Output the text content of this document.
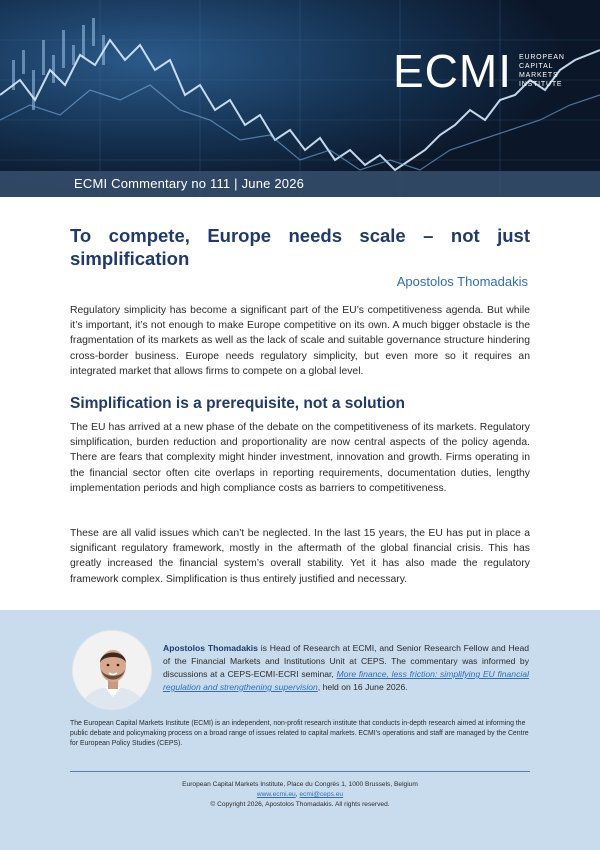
ECMI EUROPEAN
CAPITAL
MARKETS
INSTITUTE
ECMI Commentary no 111 | June 2026
To compete, Europe needs scale – not just simplification
Apostolos Thomadakis
Regulatory simplicity has become a significant part of the EU’s competitiveness agenda. But while it’s important, it’s not enough to make Europe competitive on its own. A much bigger obstacle is the fragmentation of its markets as well as the lack of scale and suitable governance structure hindering cross-border business. Europe needs regulatory simplicity, but even more so it requires an integrated market that allows firms to compete on a global level.
Simplification is a prerequisite, not a solution
The EU has arrived at a new phase of the debate on the competitiveness of its markets. Regulatory simplification, burden reduction and proportionality are now central aspects of the policy agenda. There are fears that complexity might hinder investment, innovation and growth. Firms operating in the financial sector often cite overlaps in reporting requirements, documentation duties, lengthy implementation periods and high compliance costs as barriers to competitiveness.
These are all valid issues which can’t be neglected. In the last 15 years, the EU has put in place a significant regulatory framework, mostly in the aftermath of the global financial crisis. This has greatly increased the financial system’s overall stability. Yet it has also made the regulatory framework complex. Simplification is thus entirely justified and necessary.
Apostolos Thomadakis is Head of Research at ECMI, and Senior Research Fellow and Head of the Financial Markets and Institutions Unit at CEPS. The commentary was informed by discussions at a CEPS-ECMI-ECRI seminar, More finance, less friction: simplifying EU financial regulation and strengthening supervision, held on 16 June 2026.
The European Capital Markets Institute (ECMI) is an independent, non-profit research institute that conducts in-depth research aimed at informing the public debate and policymaking process on a broad range of issues related to capital markets. ECMI’s operations and staff are managed by the Centre for European Policy Studies (CEPS).
European Capital Markets Institute, Place du Congrès 1, 1000 Brussels, Belgium
www.ecmi.eu, ecmi@ceps.eu
© Copyright 2026, Apostolos Thomadakis. All rights reserved.
